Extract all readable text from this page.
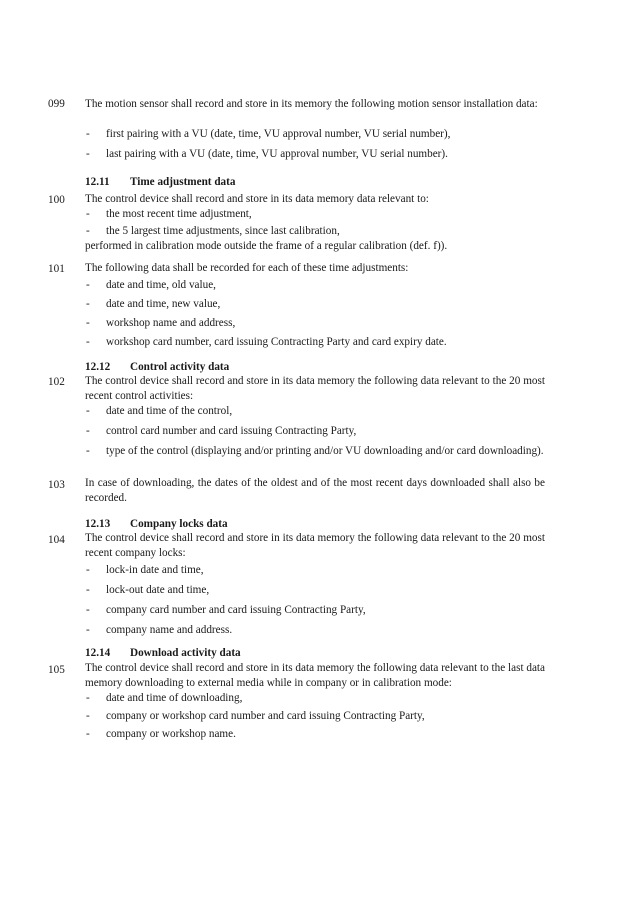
099	The motion sensor shall record and store in its memory the following motion sensor installation data:
- first pairing with a VU (date, time, VU approval number, VU serial number),
- last pairing with a VU (date, time, VU approval number, VU serial number).
12.11 Time adjustment data
100	The control device shall record and store in its data memory data relevant to:
- the most recent time adjustment,
- the 5 largest time adjustments, since last calibration,
performed in calibration mode outside the frame of a regular calibration (def. f)).
101	The following data shall be recorded for each of these time adjustments:
- date and time, old value,
- date and time, new value,
- workshop name and address,
- workshop card number, card issuing Contracting Party and card expiry date.
12.12 Control activity data
102	The control device shall record and store in its data memory the following data relevant to the 20 most recent control activities:
- date and time of the control,
- control card number and card issuing Contracting Party,
- type of the control (displaying and/or printing and/or VU downloading and/or card downloading).
103	In case of downloading, the dates of the oldest and of the most recent days downloaded shall also be recorded.
12.13 Company locks data
104	The control device shall record and store in its data memory the following data relevant to the 20 most recent company locks:
- lock-in date and time,
- lock-out date and time,
- company card number and card issuing Contracting Party,
- company name and address.
12.14 Download activity data
105	The control device shall record and store in its data memory the following data relevant to the last data memory downloading to external media while in company or in calibration mode:
- date and time of downloading,
- company or workshop card number and card issuing Contracting Party,
- company or workshop name.
